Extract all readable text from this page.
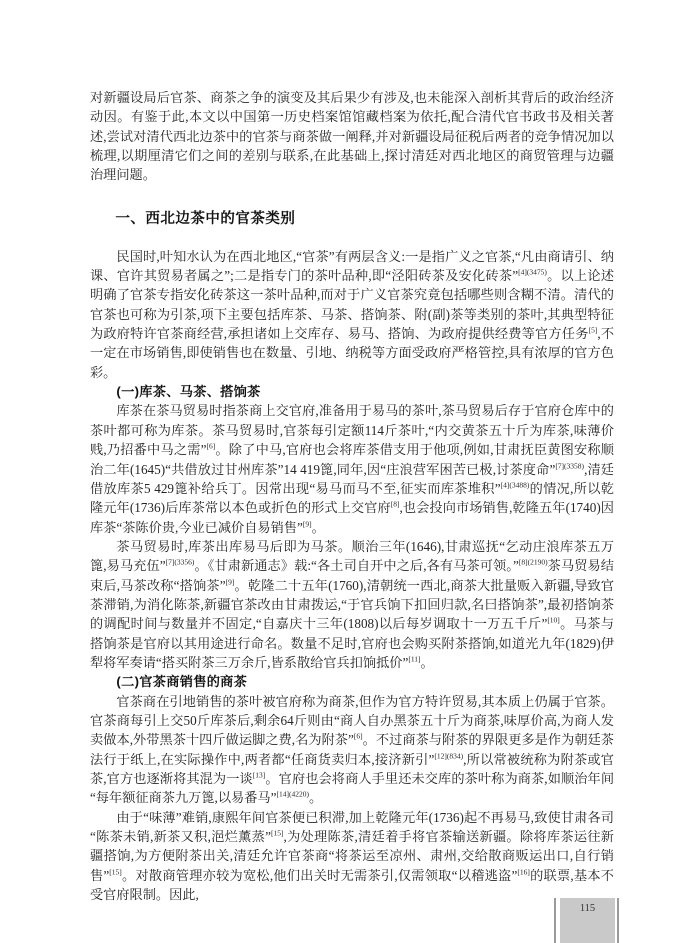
对新疆设局后官茶、商茶之争的演变及其后果少有涉及,也未能深入剖析其背后的政治经济动因。有鉴于此,本文以中国第一历史档案馆馆藏档案为依托,配合清代官书政书及相关著述,尝试对清代西北边茶中的官茶与商茶做一阐释,并对新疆设局征税后两者的竞争情况加以梳理,以期厘清它们之间的差别与联系,在此基础上,探讨清廷对西北地区的商贸管理与边疆治理问题。

一、西北边茶中的官茶类别

民国时,叶知水认为在西北地区,“官茶”有两层含义:一是指广义之官茶,“凡由商请引、纳课、官许其贸易者属之”;二是指专门的茶叶品种,即“泾阳砖茶及安化砖茶”$^{[4](3475)}$。以上论述明确了官茶专指安化砖茶这一茶叶品种,而对于广义官茶究竟包括哪些则含糊不清。清代的官茶也可称为引茶,项下主要包括库茶、马茶、搭饷茶、附(副)茶等类别的茶叶,其典型特征为政府特许官茶商经营,承担诸如上交库存、易马、搭饷、为政府提供经费等官方任务[5],不一定在市场销售,即使销售也在数量、引地、纳税等方面受政府严格管控,具有浓厚的官方色彩。

(一)库茶、马茶、搭饷茶

库茶在茶马贸易时指茶商上交官府,准备用于易马的茶叶,茶马贸易后存于官府仓库中的茶叶都可称为库茶。茶马贸易时,官茶每引定额114斤茶叶,“内交黄茶五十斤为库茶,味薄价贱,乃招番中马之需”[6]。除了中马,官府也会将库茶借支用于他项,例如,甘肃抚臣黄图安称顺治二年(1645)“共借放过甘州库茶”14 419篦,同年,因“庄浪营军困苦已极,讨茶度命”$^{[7](3358)}$,清廷借放库茶5 429篦补给兵丁。因常出现“易马而马不至,征实而库茶堆积”$^{[4](3488)}$的情况,所以乾隆元年(1736)后库茶常以本色或折色的形式上交官府[8],也会投向市场销售,乾隆五年(1740)因库茶“茶陈价贵,今业已减价自易销售”[9]。

茶马贸易时,库茶出库易马后即为马茶。顺治三年(1646),甘肃巡抚“乞动庄浪库茶五万篦,易马充伍”$^{[7](3356)}$。《甘肃新通志》载:“各土司自开中之后,各有马茶可领。”$^{[8](2190)}$茶马贸易结束后,马茶改称“搭饷茶”[9]。乾隆二十五年(1760),清朝统一西北,商茶大批量贩入新疆,导致官茶滞销,为消化陈茶,新疆官茶改由甘肃拨运,“于官兵饷下扣回归款,名曰搭饷茶”,最初搭饷茶的调配时间与数量并不固定,“自嘉庆十三年(1808)以后每岁调取十一万五千斤”[10]。马茶与搭饷茶是官府以其用途进行命名。数量不足时,官府也会购买附茶搭饷,如道光九年(1829)伊犁将军奏请“搭买附茶三万余斤,皆系散给官兵扣饷抵价”[11]。

(二)官茶商销售的商茶

官茶商在引地销售的茶叶被官府称为商茶,但作为官方特许贸易,其本质上仍属于官茶。官茶商每引上交50斤库茶后,剩余64斤则由“商人自办黑茶五十斤为商茶,味厚价高,为商人发卖做本,外带黑茶十四斤做运脚之费,名为附茶”[6]。不过商茶与附茶的界限更多是作为朝廷茶法行于纸上,在实际操作中,两者都“任商货卖归本,接济新引”$^{[12](834)}$,所以常被统称为附茶或官茶,官方也逐渐将其混为一谈[13]。官府也会将商人手里还未交库的茶叶称为商茶,如顺治年间“每年额征商茶九万篦,以易番马”$^{[14](4220)}$。

由于“味薄”难销,康熙年间官茶便已积滞,加上乾隆元年(1736)起不再易马,致使甘肃各司“陈茶未销,新茶又积,浥烂薰蒸”[15],为处理陈茶,清廷着手将官茶输送新疆。除将库茶运往新疆搭饷,为方便附茶出关,清廷允许官茶商“将茶运至凉州、肃州,交给散商贩运出口,自行销售”[15]。对散商管理亦较为宽松,他们出关时无需茶引,仅需领取“以稽逃盗”[16]的联票,基本不受官府限制。因此,

115
